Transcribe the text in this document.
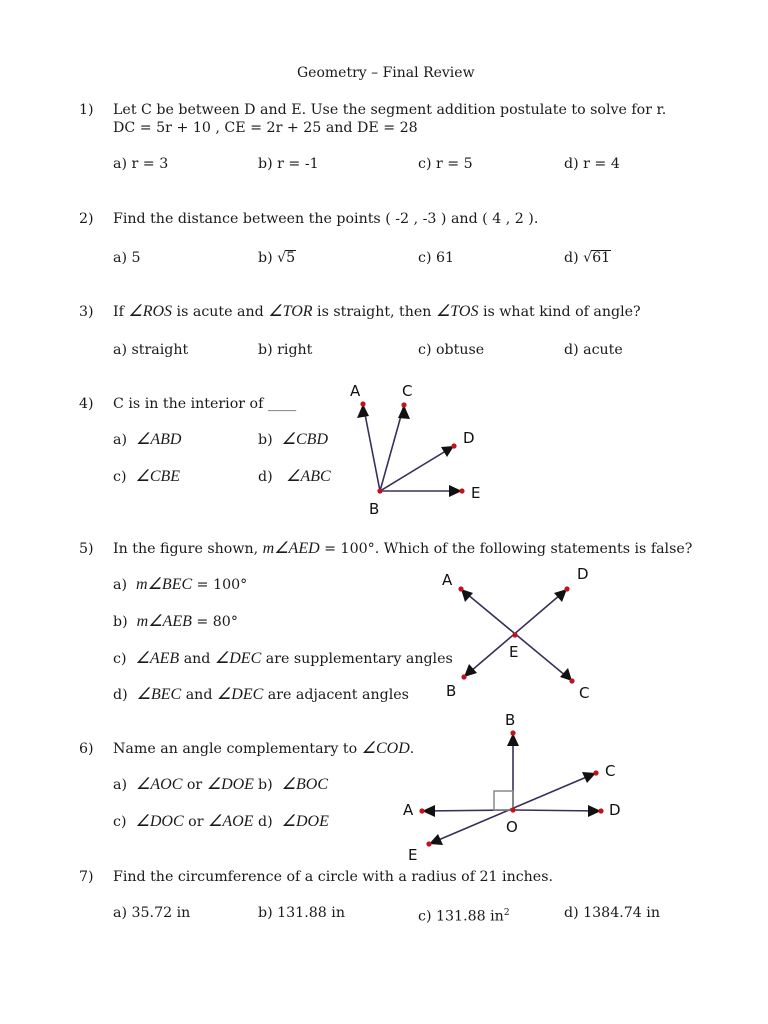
Geometry – Final Review
1) Let C be between D and E. Use the segment addition postulate to solve for r.
DC = 5r + 10 , CE = 2r + 25 and DE = 28
a) r = 3	b) r = -1	c) r = 5	d) r = 4
2) Find the distance between the points ( -2 , -3 ) and ( 4 , 2 ).
a) 5	b) √5	c) 61	d) √61
3) If ∠ROS is acute and ∠TOR is straight, then ∠TOS is what kind of angle?
a) straight	b) right	c) obtuse	d) acute
4) C is in the interior of ____
a) ∠ABD	b) ∠CBD
c) ∠CBE	d) ∠ABC
A	C
D
E
B
5) In the figure shown, m∠AED = 100°. Which of the following statements is false?
a) m∠BEC = 100°
b) m∠AEB = 80°
c) ∠AEB and ∠DEC are supplementary angles
d) ∠BEC and ∠DEC are adjacent angles
A	D
E
B	C
6) Name an angle complementary to ∠COD.
a) ∠AOC or ∠DOE b) ∠BOC
c) ∠DOC or ∠AOE d) ∠DOE
B
A	D
C
O
E
7) Find the circumference of a circle with a radius of 21 inches.
a) 35.72 in	b) 131.88 in	c) 131.88 $in^2$	d) 1384.74 in
